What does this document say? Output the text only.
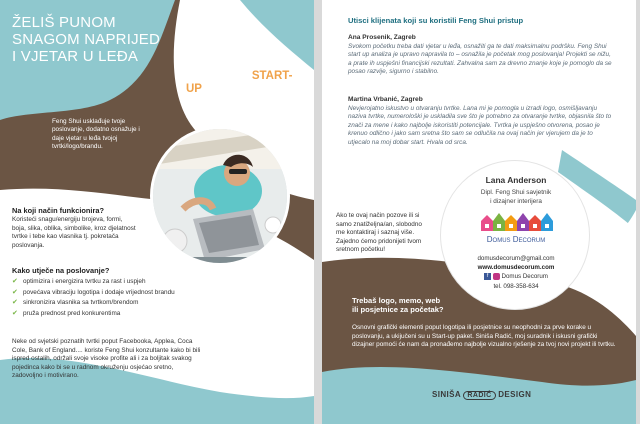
ŽELIŠ PUNOM
SNAGOM NAPRIJED
I VJETAR U LEĐA
FENG SHUI START-UP
PAKET ZA MALE
PODUZETNIKE
Feng Shui usklađuje tvoje poslovanje, dodatno osnažuje i daje vjetar u leđa tvojoj tvrtki/logo/brandu.
Na koji način funkcionira?
Koristeći snagu/energiju brojeva, formi, boja, slika, oblika, simbolike, kroz djelatnost tvrtke i tebe kao vlasnika tj. pokretača poslovanja.
Kako utječe na poslovanje?
✔ optimizira i energizira tvrtku za rast i uspjeh
✔ povećava vibraciju logotipa i dodaje vrijednost brandu
✔ sinkronizira vlasnika sa tvrtkom/brendom
✔ pruža prednost pred konkurentima
Neke od svjetski poznatih tvrtki poput Facebooka, Applea, Coca Cole, Bank of England.... koriste Feng Shui konzultante kako bi bili ispred ostalih, održali svoje visoke profite ali i za boljitak svakog pojedinca kako bi se u radnom okruženju osjećao sretno, zadovoljno i motivirano.
Utisci klijenata koji su koristili Feng Shui pristup
Ana Prosenik, Zagreb
Svokom početku treba dati vjetar u leđa, osnažiti ga te dati maksimalnu podršku. Feng Shui start up analiza je upravo napravila to – osnažila je početak mog poslovanja! Projekti se nižu, a prate ih uspješni financijski rezultati. Zahvalna sam za drevno znanje koje je pomoglo da se posao razvije, sigurno i stabilno.
Martina Vrbanić, Zagreb
Nevjerojatno iskustvo u otvaranju tvrtke. Lana mi je pomogla u izradi logo, osmišljavanju naziva tvrtke, numerološki je uskladila sve što je potrebno za otvaranje tvrtke, objasnila što to znači za mene i kako najbolje iskoristiti potencijale. Tvrtka je uspješno otvorena, posao je krenuo odlično i jako sam sretna što sam se odlučila na ovaj način jer vjerujem da je to utjecalo na moj dobar start. Hvala od srca.
Ako te ovaj način pozove ili si samo znatiželjna/an, slobodno me kontaktiraj i saznaj više. Zajedno ćemo pridonijeti tvom sretnom početku!
Lana Anderson
Dipl. Feng Shui savjetnik
i dizajner interijera
Domus Decorum
domusdecorum@gmail.com
www.domusdecorum.com
f Domus Decorum
tel. 098-358-634
Trebaš logo, memo, web
ili posjetnice za početak?
Osnovni grafički elementi poput logotipa ili posjetnice su neophodni za prve korake u poslovanju, a ukijučeni su u Start-up paket. Siniša Radić, moj suradnik i iskusni grafički dizajner pomoći će nam da pronađemo najbolje vizualno rješenje za tvoj novi projekt ili tvrtku.
SINIŠA RADIĆ DESIGN
